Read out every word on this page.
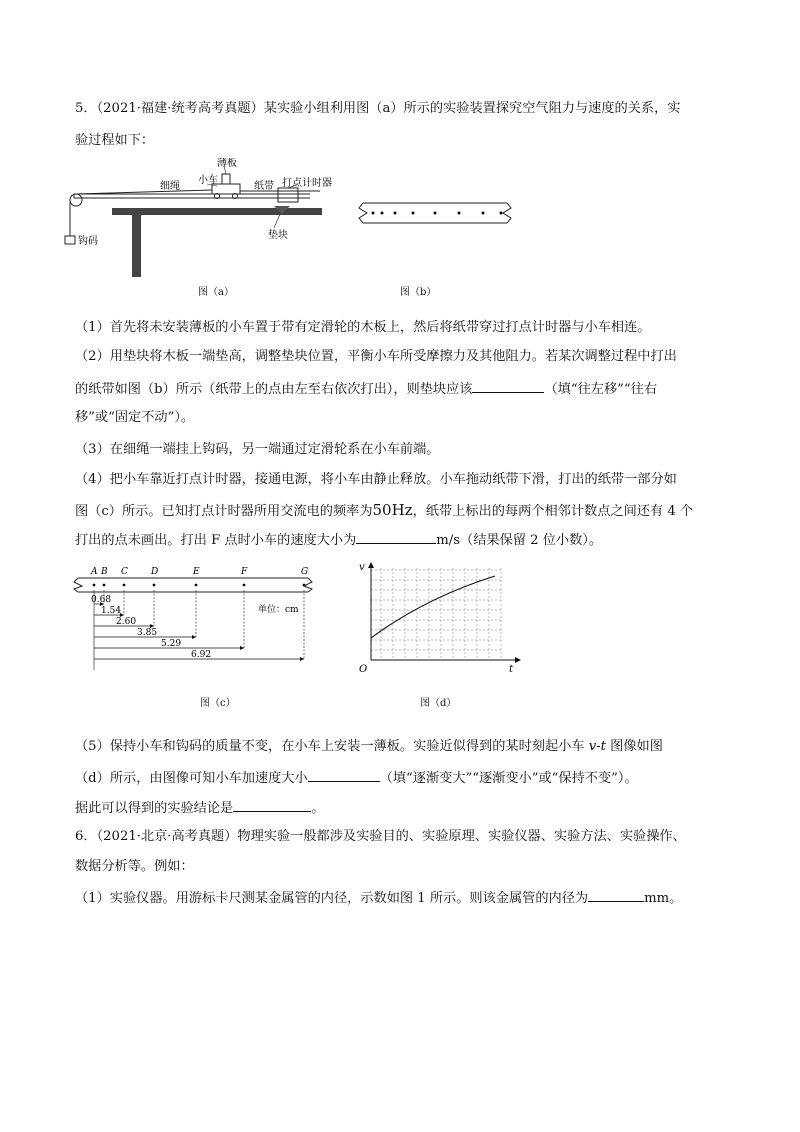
5．（2021·福建·统考高考真题）某实验小组利用图（a）所示的实验装置探究空气阻力与速度的关系，实
验过程如下：
薄板
小车
细绳	纸带 打点计时器
垫块
钩码
图（a）	图（b）
（1）首先将未安装薄板的小车置于带有定滑轮的木板上，然后将纸带穿过打点计时器与小车相连。
（2）用垫块将木板一端垫高，调整垫块位置，平衡小车所受摩擦力及其他阻力。若某次调整过程中打出
的纸带如图（b）所示（纸带上的点由左至右依次打出），则垫块应该	（填“往左移”“往右
移”或“固定不动”）。
（3）在细绳一端挂上钩码，另一端通过定滑轮系在小车前端。
（4）把小车靠近打点计时器，接通电源，将小车由静止释放。小车拖动纸带下滑，打出的纸带一部分如
图（c）所示。已知打点计时器所用交流电的频率为50Hz，纸带上标出的每两个相邻计数点之间还有 4 个
打出的点未画出。打出 F 点时小车的速度大小为	m/s（结果保留 2 位小数）。
A B C	D	E	F	G
0.68
1.54
2.60
3.85
5.29
6.92
单位：cm
图（c）
v
t
O
图（d）
（5）保持小车和钩码的质量不变，在小车上安装一薄板。实验近似得到的某时刻起小车 v-t 图像如图
（d）所示，由图像可知小车加速度大小	（填“逐渐变大”“逐渐变小”或“保持不变”）。
据此可以得到的实验结论是	。
6．（2021·北京·高考真题）物理实验一般都涉及实验目的、实验原理、实验仪器、实验方法、实验操作、
数据分析等。例如：
（1）实验仪器。用游标卡尺测某金属管的内径，示数如图 1 所示。则该金属管的内径为	mm。
